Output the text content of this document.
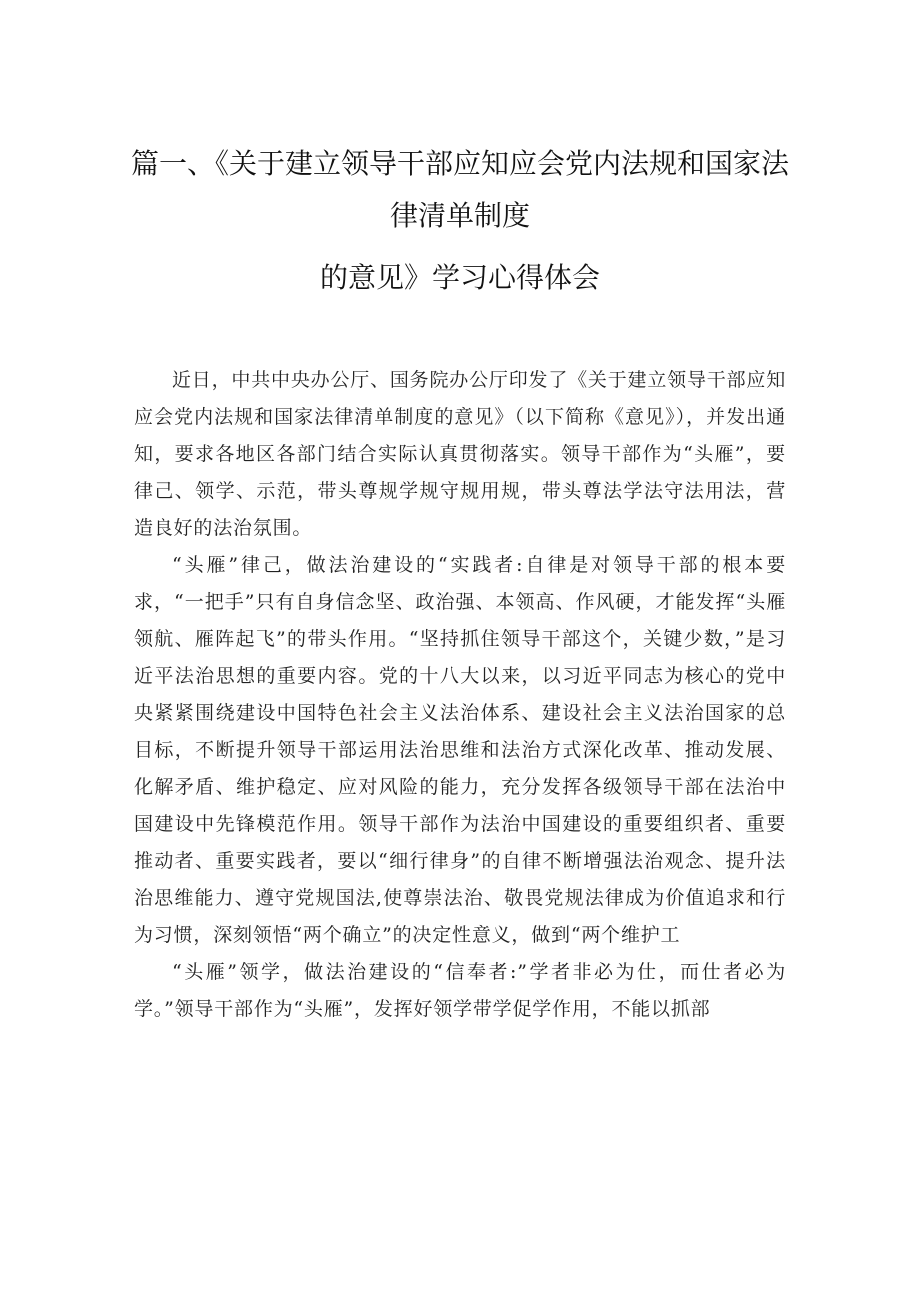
篇一、《关于建立领导干部应知应会党内法规和国家法
律清单制度
的意见》学习心得体会

近日，中共中央办公厅、国务院办公厅印发了《关于建立领导干部应知应会党内法规和国家法律清单制度的意见》（以下简称《意见》），并发出通知，要求各地区各部门结合实际认真贯彻落实。领导干部作为“头雁”，要律己、领学、示范，带头尊规学规守规用规，带头尊法学法守法用法，营造良好的法治氛围。

“头雁”律己，做法治建设的“实践者:自律是对领导干部的根本要求，“一把手”只有自身信念坚、政治强、本领高、作风硬，才能发挥“头雁领航、雁阵起飞”的带头作用。“坚持抓住领导干部这个，关键少数，”是习近平法治思想的重要内容。党的十八大以来，以习近平同志为核心的党中央紧紧围绕建设中国特色社会主义法治体系、建设社会主义法治国家的总目标，不断提升领导干部运用法治思维和法治方式深化改革、推动发展、化解矛盾、维护稳定、应对风险的能力，充分发挥各级领导干部在法治中国建设中先锋模范作用。领导干部作为法治中国建设的重要组织者、重要推动者、重要实践者，要以“细行律身”的自律不断增强法治观念、提升法治思维能力、遵守党规国法,使尊崇法治、敬畏党规法律成为价值追求和行为习惯，深刻领悟“两个确立”的决定性意义，做到“两个维护工

“头雁”领学，做法治建设的“信奉者:”学者非必为仕，而仕者必为学。”领导干部作为“头雁”，发挥好领学带学促学作用，不能以抓部
